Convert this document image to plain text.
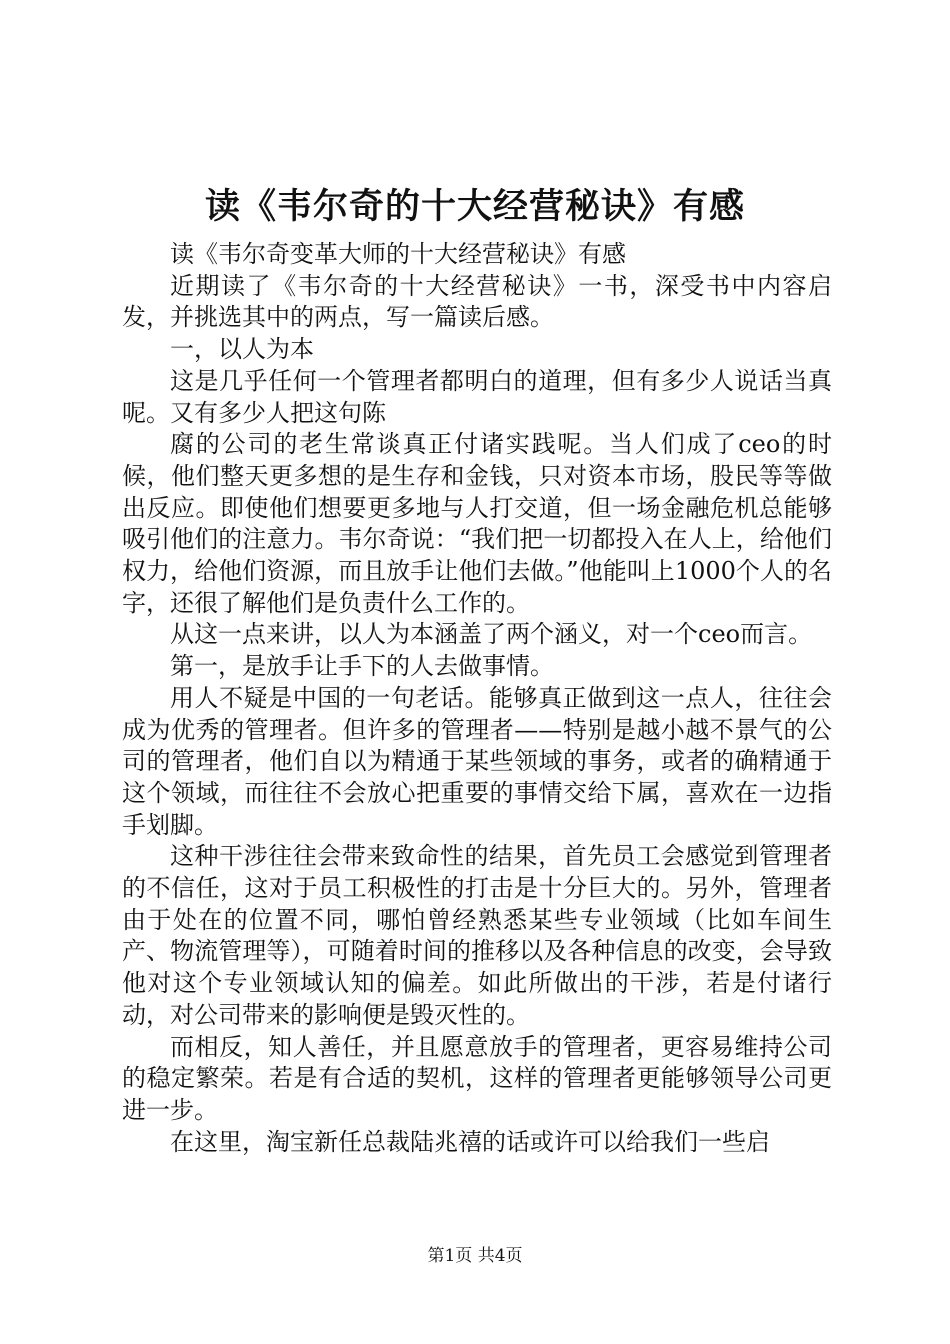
读《韦尔奇的十大经营秘诀》有感

读《韦尔奇变革大师的十大经营秘诀》有感

近期读了《韦尔奇的十大经营秘诀》一书，深受书中内容启发，并挑选其中的两点，写一篇读后感。

一，以人为本

这是几乎任何一个管理者都明白的道理，但有多少人说话当真呢。又有多少人把这句陈

腐的公司的老生常谈真正付诸实践呢。当人们成了ceo的时候，他们整天更多想的是生存和金钱，只对资本市场，股民等等做出反应。即使他们想要更多地与人打交道，但一场金融危机总能够吸引他们的注意力。韦尔奇说：“我们把一切都投入在人上，给他们权力，给他们资源，而且放手让他们去做。”他能叫上1000个人的名字，还很了解他们是负责什么工作的。

从这一点来讲，以人为本涵盖了两个涵义，对一个ceo而言。

第一，是放手让手下的人去做事情。

用人不疑是中国的一句老话。能够真正做到这一点人，往往会成为优秀的管理者。但许多的管理者——特别是越小越不景气的公司的管理者，他们自以为精通于某些领域的事务，或者的确精通于这个领域，而往往不会放心把重要的事情交给下属，喜欢在一边指手划脚。

这种干涉往往会带来致命性的结果，首先员工会感觉到管理者的不信任，这对于员工积极性的打击是十分巨大的。另外，管理者由于处在的位置不同，哪怕曾经熟悉某些专业领域（比如车间生产、物流管理等），可随着时间的推移以及各种信息的改变，会导致他对这个专业领域认知的偏差。如此所做出的干涉，若是付诸行动，对公司带来的影响便是毁灭性的。

而相反，知人善任，并且愿意放手的管理者，更容易维持公司的稳定繁荣。若是有合适的契机，这样的管理者更能够领导公司更进一步。

在这里，淘宝新任总裁陆兆禧的话或许可以给我们一些启

第1页 共4页
